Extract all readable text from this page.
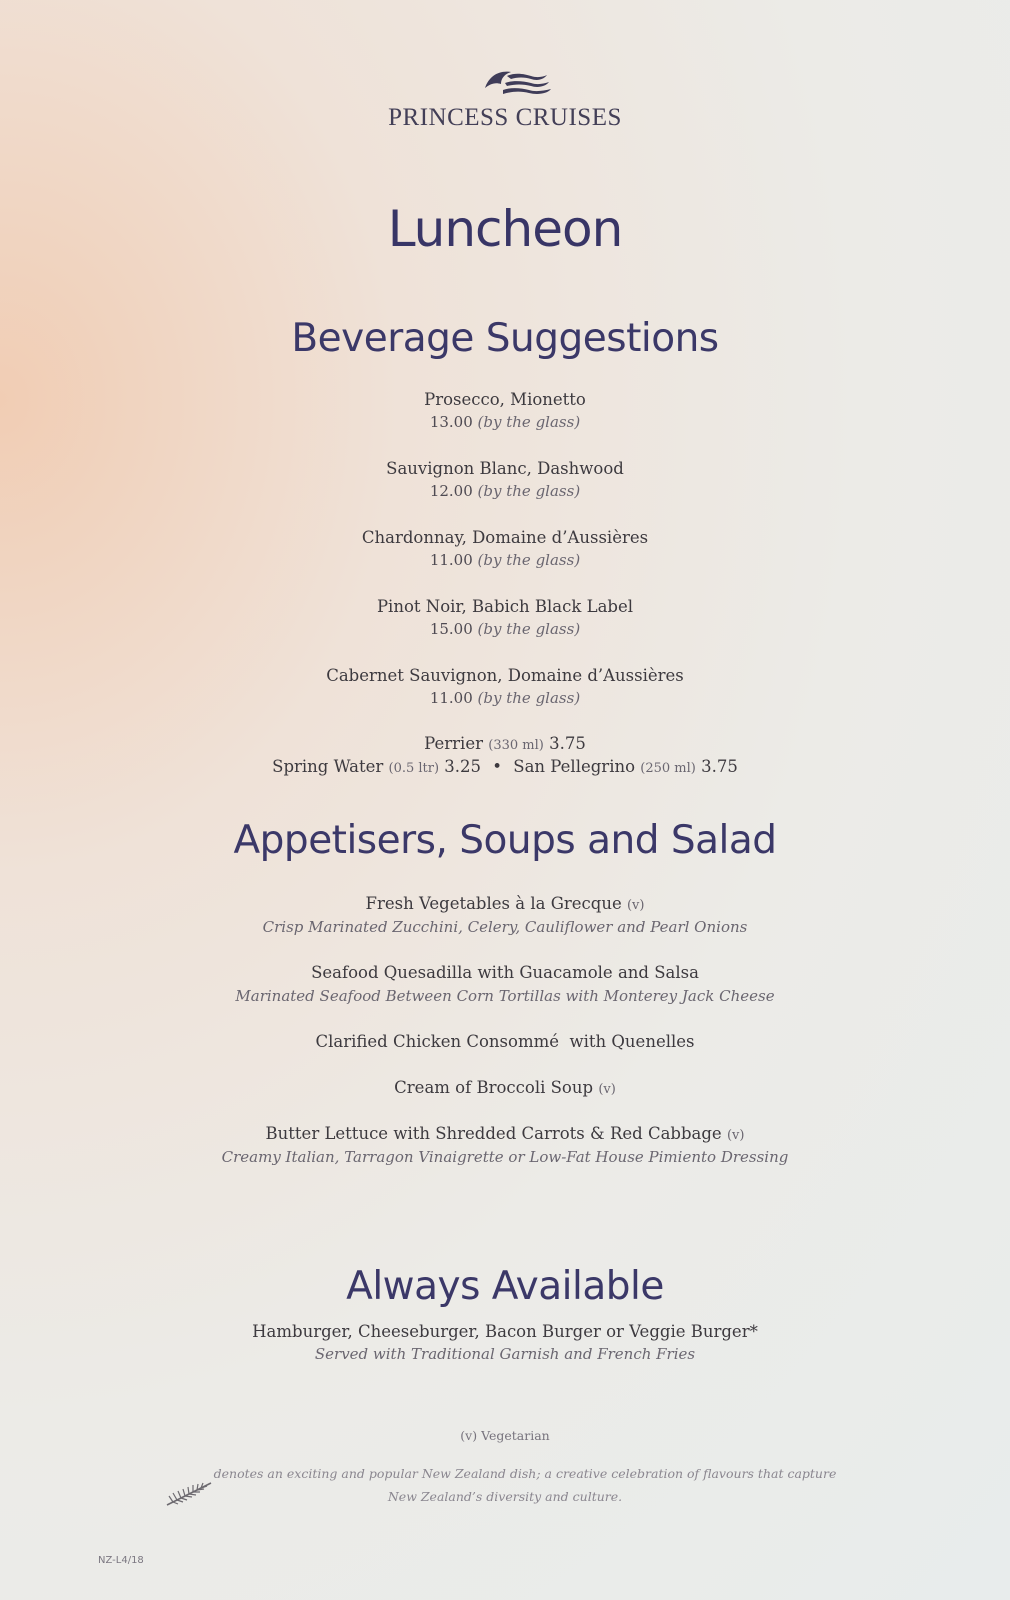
PRINCESS CRUISES
Luncheon
Beverage Suggestions
Prosecco, Mionetto
13.00 (by the glass)
Sauvignon Blanc, Dashwood
12.00 (by the glass)
Chardonnay, Domaine d’Aussières
11.00 (by the glass)
Pinot Noir, Babich Black Label
15.00 (by the glass)
Cabernet Sauvignon, Domaine d’Aussières
11.00 (by the glass)
Perrier (330 ml) 3.75
Spring Water (0.5 ltr) 3.25 • San Pellegrino (250 ml) 3.75
Appetisers, Soups and Salad
Fresh Vegetables à la Grecque (v)
Crisp Marinated Zucchini, Celery, Cauliflower and Pearl Onions
Seafood Quesadilla with Guacamole and Salsa
Marinated Seafood Between Corn Tortillas with Monterey Jack Cheese
Clarified Chicken Consommé  with Quenelles
Cream of Broccoli Soup (v)
Butter Lettuce with Shredded Carrots & Red Cabbage (v)
Creamy Italian, Tarragon Vinaigrette or Low-Fat House Pimiento Dressing
Always Available
Hamburger, Cheeseburger, Bacon Burger or Veggie Burger*
Served with Traditional Garnish and French Fries
(v) Vegetarian
denotes an exciting and popular New Zealand dish; a creative celebration of flavours that capture
New Zealand’s diversity and culture.
NZ-L4/18
